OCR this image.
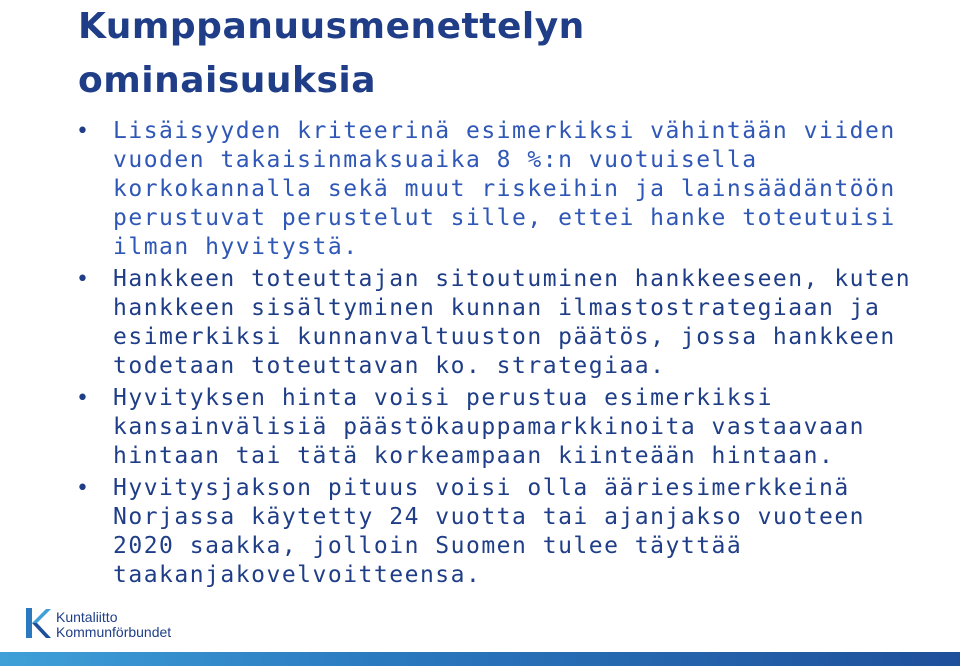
Kumppanuusmenettelyn
ominaisuuksia
• Lisäisyyden kriteerinä esimerkiksi vähintään viiden vuoden takaisinmaksuaika 8 %:n vuotuisella korkokannalla sekä muut riskeihin ja lainsäädäntöön perustuvat perustelut sille, ettei hanke toteutuisi ilman hyvitystä.
• Hankkeen toteuttajan sitoutuminen hankkeeseen, kuten hankkeen sisältyminen kunnan ilmastostrategiaan ja esimerkiksi kunnanvaltuuston päätös, jossa hankkeen todetaan toteuttavan ko. strategiaa.
• Hyvityksen hinta voisi perustua esimerkiksi kansainvälisiä päästökauppamarkkinoita vastaavaan hintaan tai tätä korkeampaan kiinteään hintaan.
• Hyvitysjakson pituus voisi olla ääriesimerkkeinä Norjassa käytetty 24 vuotta tai ajanjakso vuoteen 2020 saakka, jolloin Suomen tulee täyttää taakanjakovelvoitteensa.
Kuntaliitto
Kommunförbundet
